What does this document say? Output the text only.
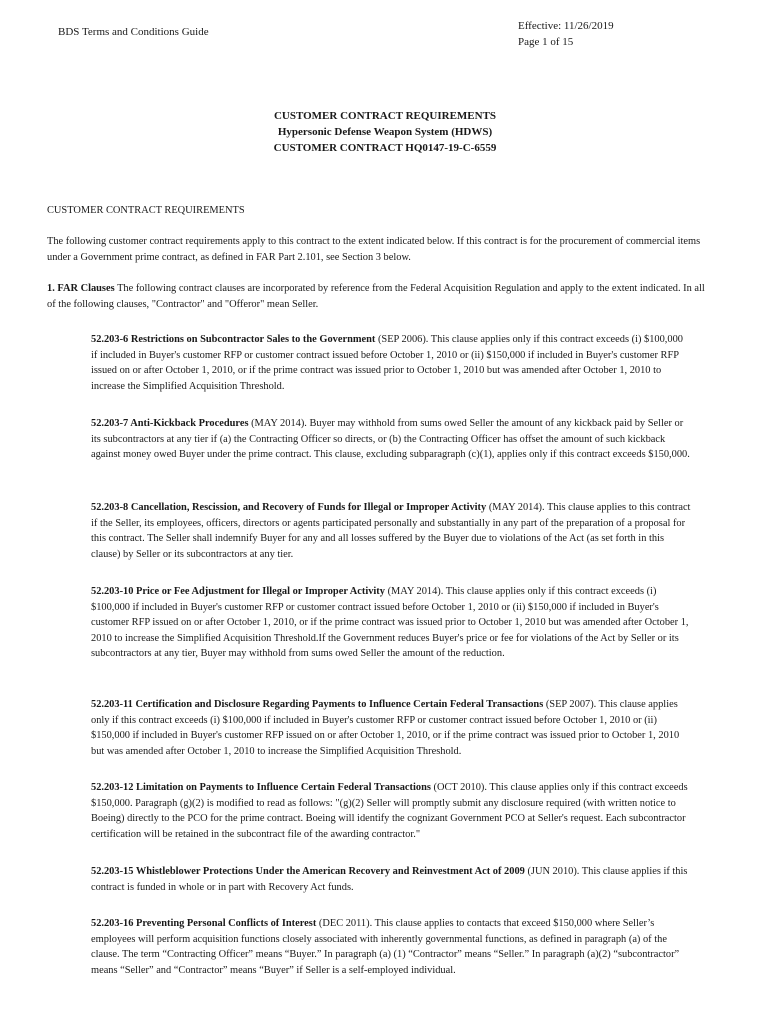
BDS Terms and Conditions Guide	Effective: 11/26/2019
Page 1 of 15
CUSTOMER CONTRACT REQUIREMENTS
Hypersonic Defense Weapon System (HDWS)
CUSTOMER CONTRACT HQ0147-19-C-6559
CUSTOMER CONTRACT REQUIREMENTS

The following customer contract requirements apply to this contract to the extent indicated below. If this contract is for the procurement of commercial items under a Government prime contract, as defined in FAR Part 2.101, see Section 3 below.

1. FAR Clauses The following contract clauses are incorporated by reference from the Federal Acquisition Regulation and apply to the extent indicated. In all of the following clauses, "Contractor" and "Offeror" mean Seller.

52.203-6 Restrictions on Subcontractor Sales to the Government (SEP 2006). This clause applies only if this contract exceeds (i) $100,000 if included in Buyer's customer RFP or customer contract issued before October 1, 2010 or (ii) $150,000 if included in Buyer's customer RFP issued on or after October 1, 2010, or if the prime contract was issued prior to October 1, 2010 but was amended after October 1, 2010 to increase the Simplified Acquisition Threshold.

52.203-7 Anti-Kickback Procedures (MAY 2014). Buyer may withhold from sums owed Seller the amount of any kickback paid by Seller or its subcontractors at any tier if (a) the Contracting Officer so directs, or (b) the Contracting Officer has offset the amount of such kickback against money owed Buyer under the prime contract. This clause, excluding subparagraph (c)(1), applies only if this contract exceeds $150,000.

52.203-8 Cancellation, Rescission, and Recovery of Funds for Illegal or Improper Activity (MAY 2014). This clause applies to this contract if the Seller, its employees, officers, directors or agents participated personally and substantially in any part of the preparation of a proposal for this contract. The Seller shall indemnify Buyer for any and all losses suffered by the Buyer due to violations of the Act (as set forth in this clause) by Seller or its subcontractors at any tier.

52.203-10 Price or Fee Adjustment for Illegal or Improper Activity (MAY 2014). This clause applies only if this contract exceeds (i) $100,000 if included in Buyer's customer RFP or customer contract issued before October 1, 2010 or (ii) $150,000 if included in Buyer's customer RFP issued on or after October 1, 2010, or if the prime contract was issued prior to October 1, 2010 but was amended after October 1, 2010 to increase the Simplified Acquisition Threshold.If the Government reduces Buyer's price or fee for violations of the Act by Seller or its subcontractors at any tier, Buyer may withhold from sums owed Seller the amount of the reduction.

52.203-11 Certification and Disclosure Regarding Payments to Influence Certain Federal Transactions (SEP 2007). This clause applies only if this contract exceeds (i) $100,000 if included in Buyer's customer RFP or customer contract issued before October 1, 2010 or (ii) $150,000 if included in Buyer's customer RFP issued on or after October 1, 2010, or if the prime contract was issued prior to October 1, 2010 but was amended after October 1, 2010 to increase the Simplified Acquisition Threshold.

52.203-12 Limitation on Payments to Influence Certain Federal Transactions (OCT 2010). This clause applies only if this contract exceeds $150,000. Paragraph (g)(2) is modified to read as follows: "(g)(2) Seller will promptly submit any disclosure required (with written notice to Boeing) directly to the PCO for the prime contract. Boeing will identify the cognizant Government PCO at Seller's request. Each subcontractor certification will be retained in the subcontract file of the awarding contractor."

52.203-15 Whistleblower Protections Under the American Recovery and Reinvestment Act of 2009 (JUN 2010). This clause applies if this contract is funded in whole or in part with Recovery Act funds.

52.203-16 Preventing Personal Conflicts of Interest (DEC 2011). This clause applies to contacts that exceed $150,000 where Seller’s employees will perform acquisition functions closely associated with inherently governmental functions, as defined in paragraph (a) of the clause. The term “Contracting Officer” means “Buyer.” In paragraph (a) (1) “Contractor” means “Seller.” In paragraph (a)(2) “subcontractor” means “Seller” and “Contractor” means “Buyer” if Seller is a self-employed individual.
